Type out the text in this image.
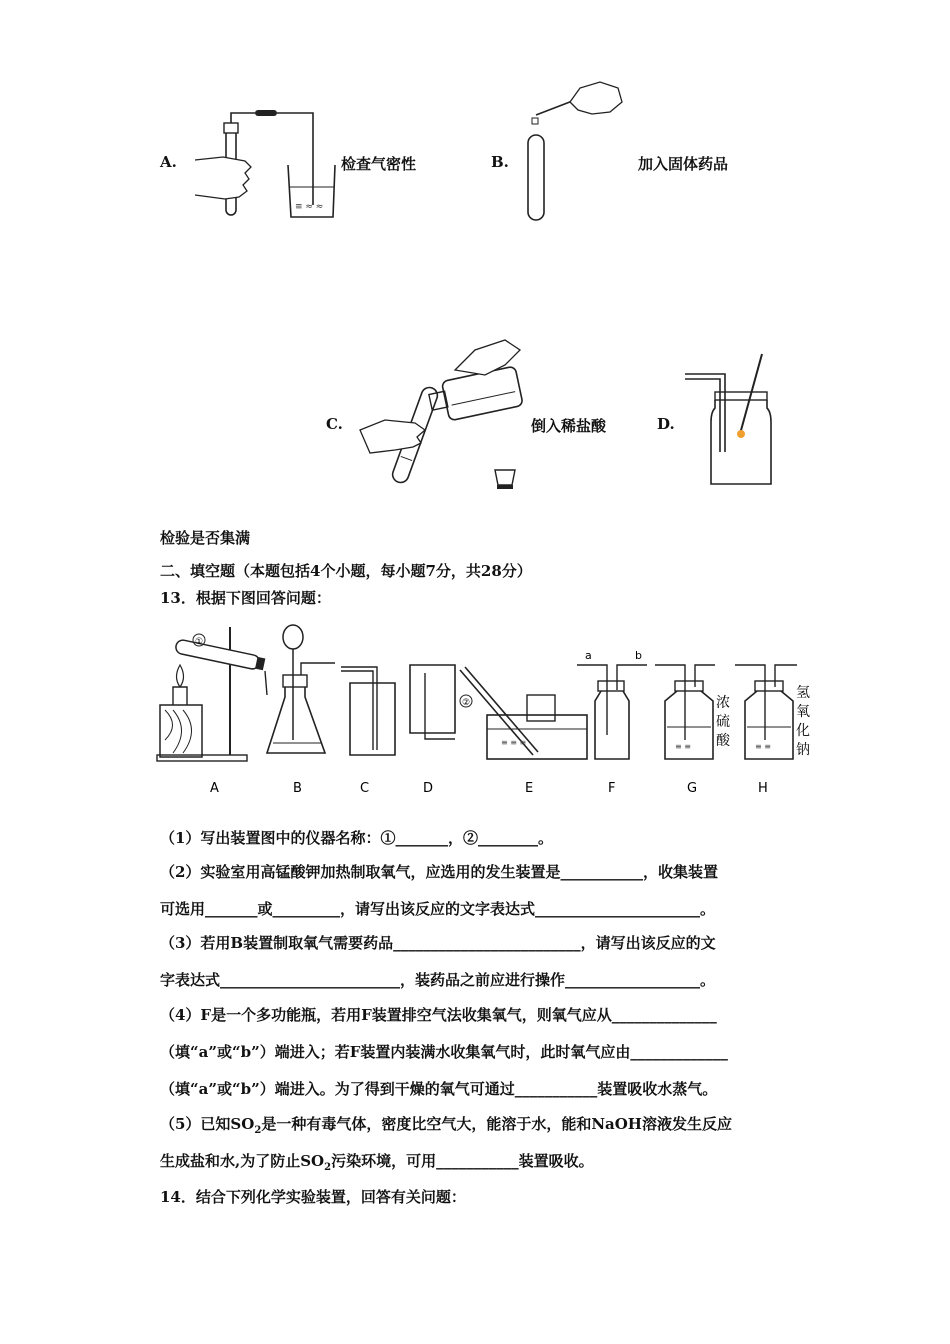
A.
≡ ≈ ≈
检查气密性	B.	加入固体药品
C.	倒入稀盐酸	D.
检验是否集满
二、填空题（本题包括4个小题，每小题7分，共28分）
13．根据下图回答问题：
①
②
≡ ≡ ≡
a	b
≡ ≡
浓
硫
酸	≡ ≡
氢
氧
化
钠
A	B	C	D	E	F	G	H
（1）写出装置图中的仪器名称：①_______，②________。
（2）实验室用高锰酸钾加热制取氧气，应选用的发生装置是___________，收集装置
可选用_______或_________，请写出该反应的文字表达式______________________。
（3）若用B装置制取氧气需要药品_________________________，请写出该反应的文
字表达式________________________，装药品之前应进行操作__________________。
（4）F是一个多功能瓶，若用F装置排空气法收集氧气，则氧气应从______________
（填“a”或“b”）端进入；若F装置内装满水收集氧气时，此时氧气应由_____________
（填“a”或“b”）端进入。为了得到干燥的氧气可通过___________装置吸收水蒸气。
（5）已知$SO_2$是一种有毒气体，密度比空气大，能溶于水，能和NaOH溶液发生反应
生成盐和水,为了防止$SO_2$污染环境，可用___________装置吸收。
14．结合下列化学实验装置，回答有关问题：
